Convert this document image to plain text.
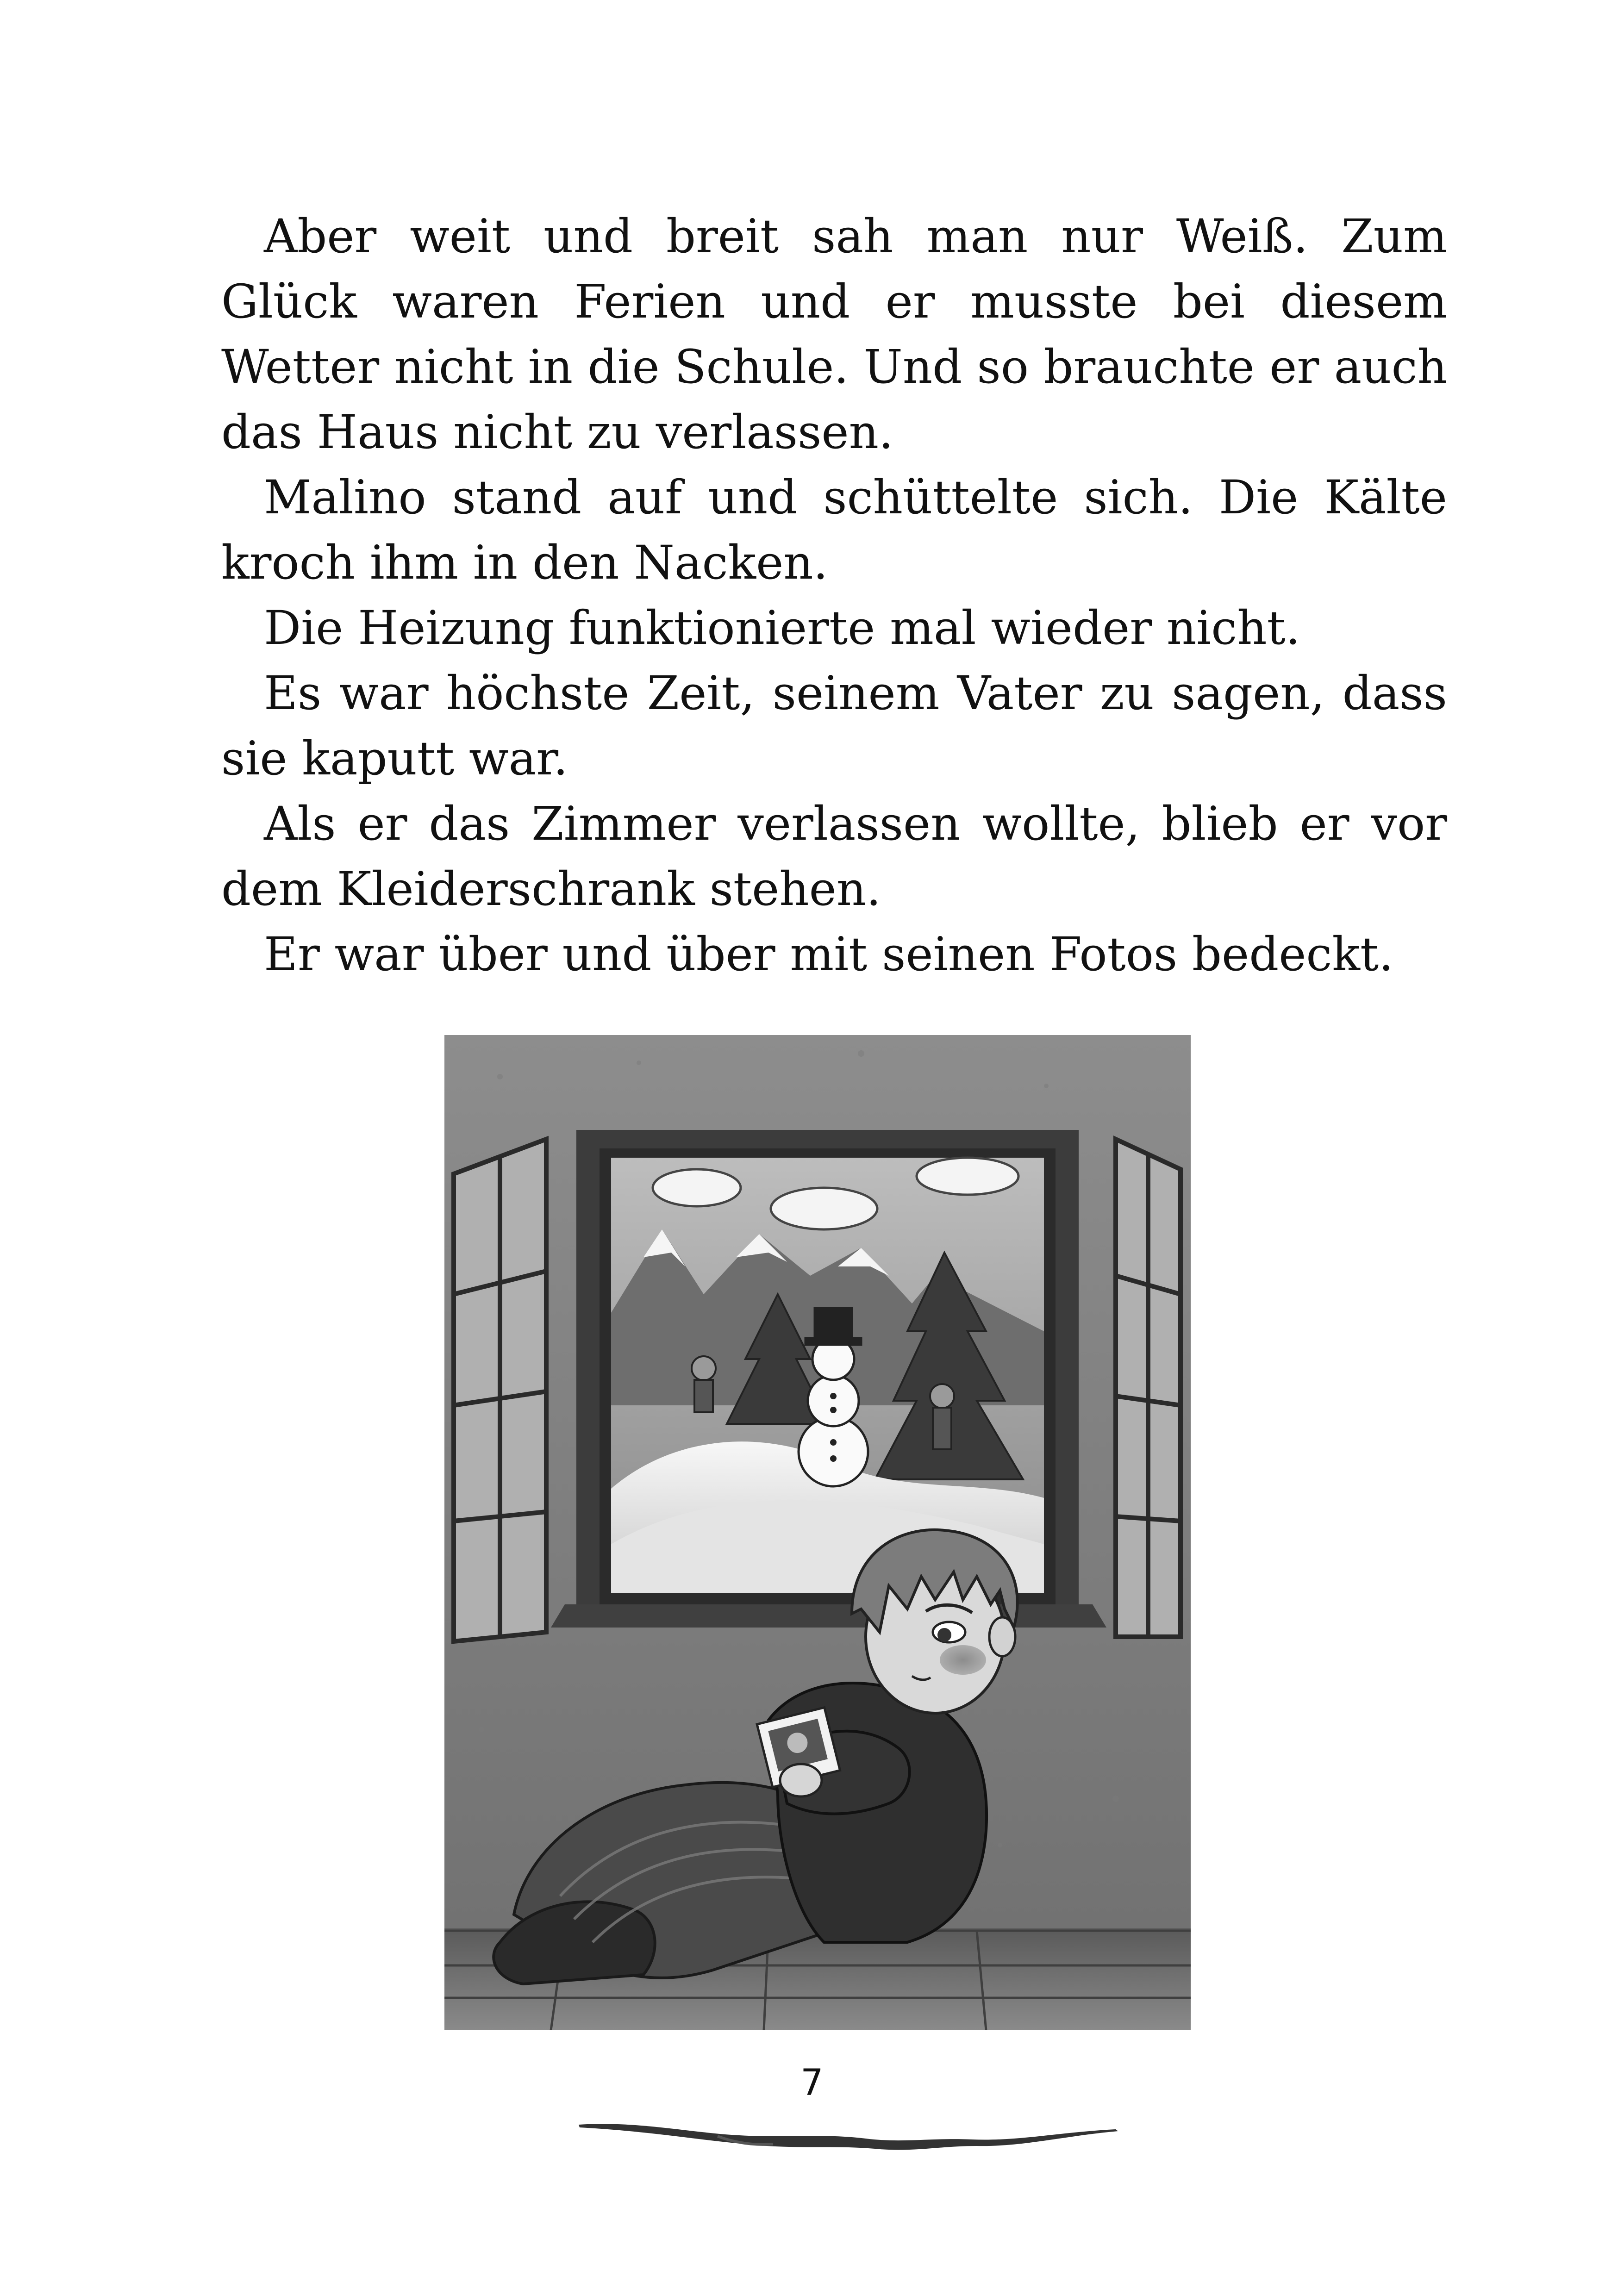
Aber weit und breit sah man nur Weiß. Zum Glück waren Ferien und er musste bei diesem Wetter nicht in die Schule. Und so brauchte er auch das Haus nicht zu verlassen.

Malino stand auf und schüttelte sich. Die Kälte kroch ihm in den Nacken.

Die Heizung funktionierte mal wieder nicht.

Es war höchste Zeit, seinem Vater zu sagen, dass sie kaputt war.

Als er das Zimmer verlassen wollte, blieb er vor dem Kleiderschrank stehen.

Er war über und über mit seinen Fotos bedeckt.

7
